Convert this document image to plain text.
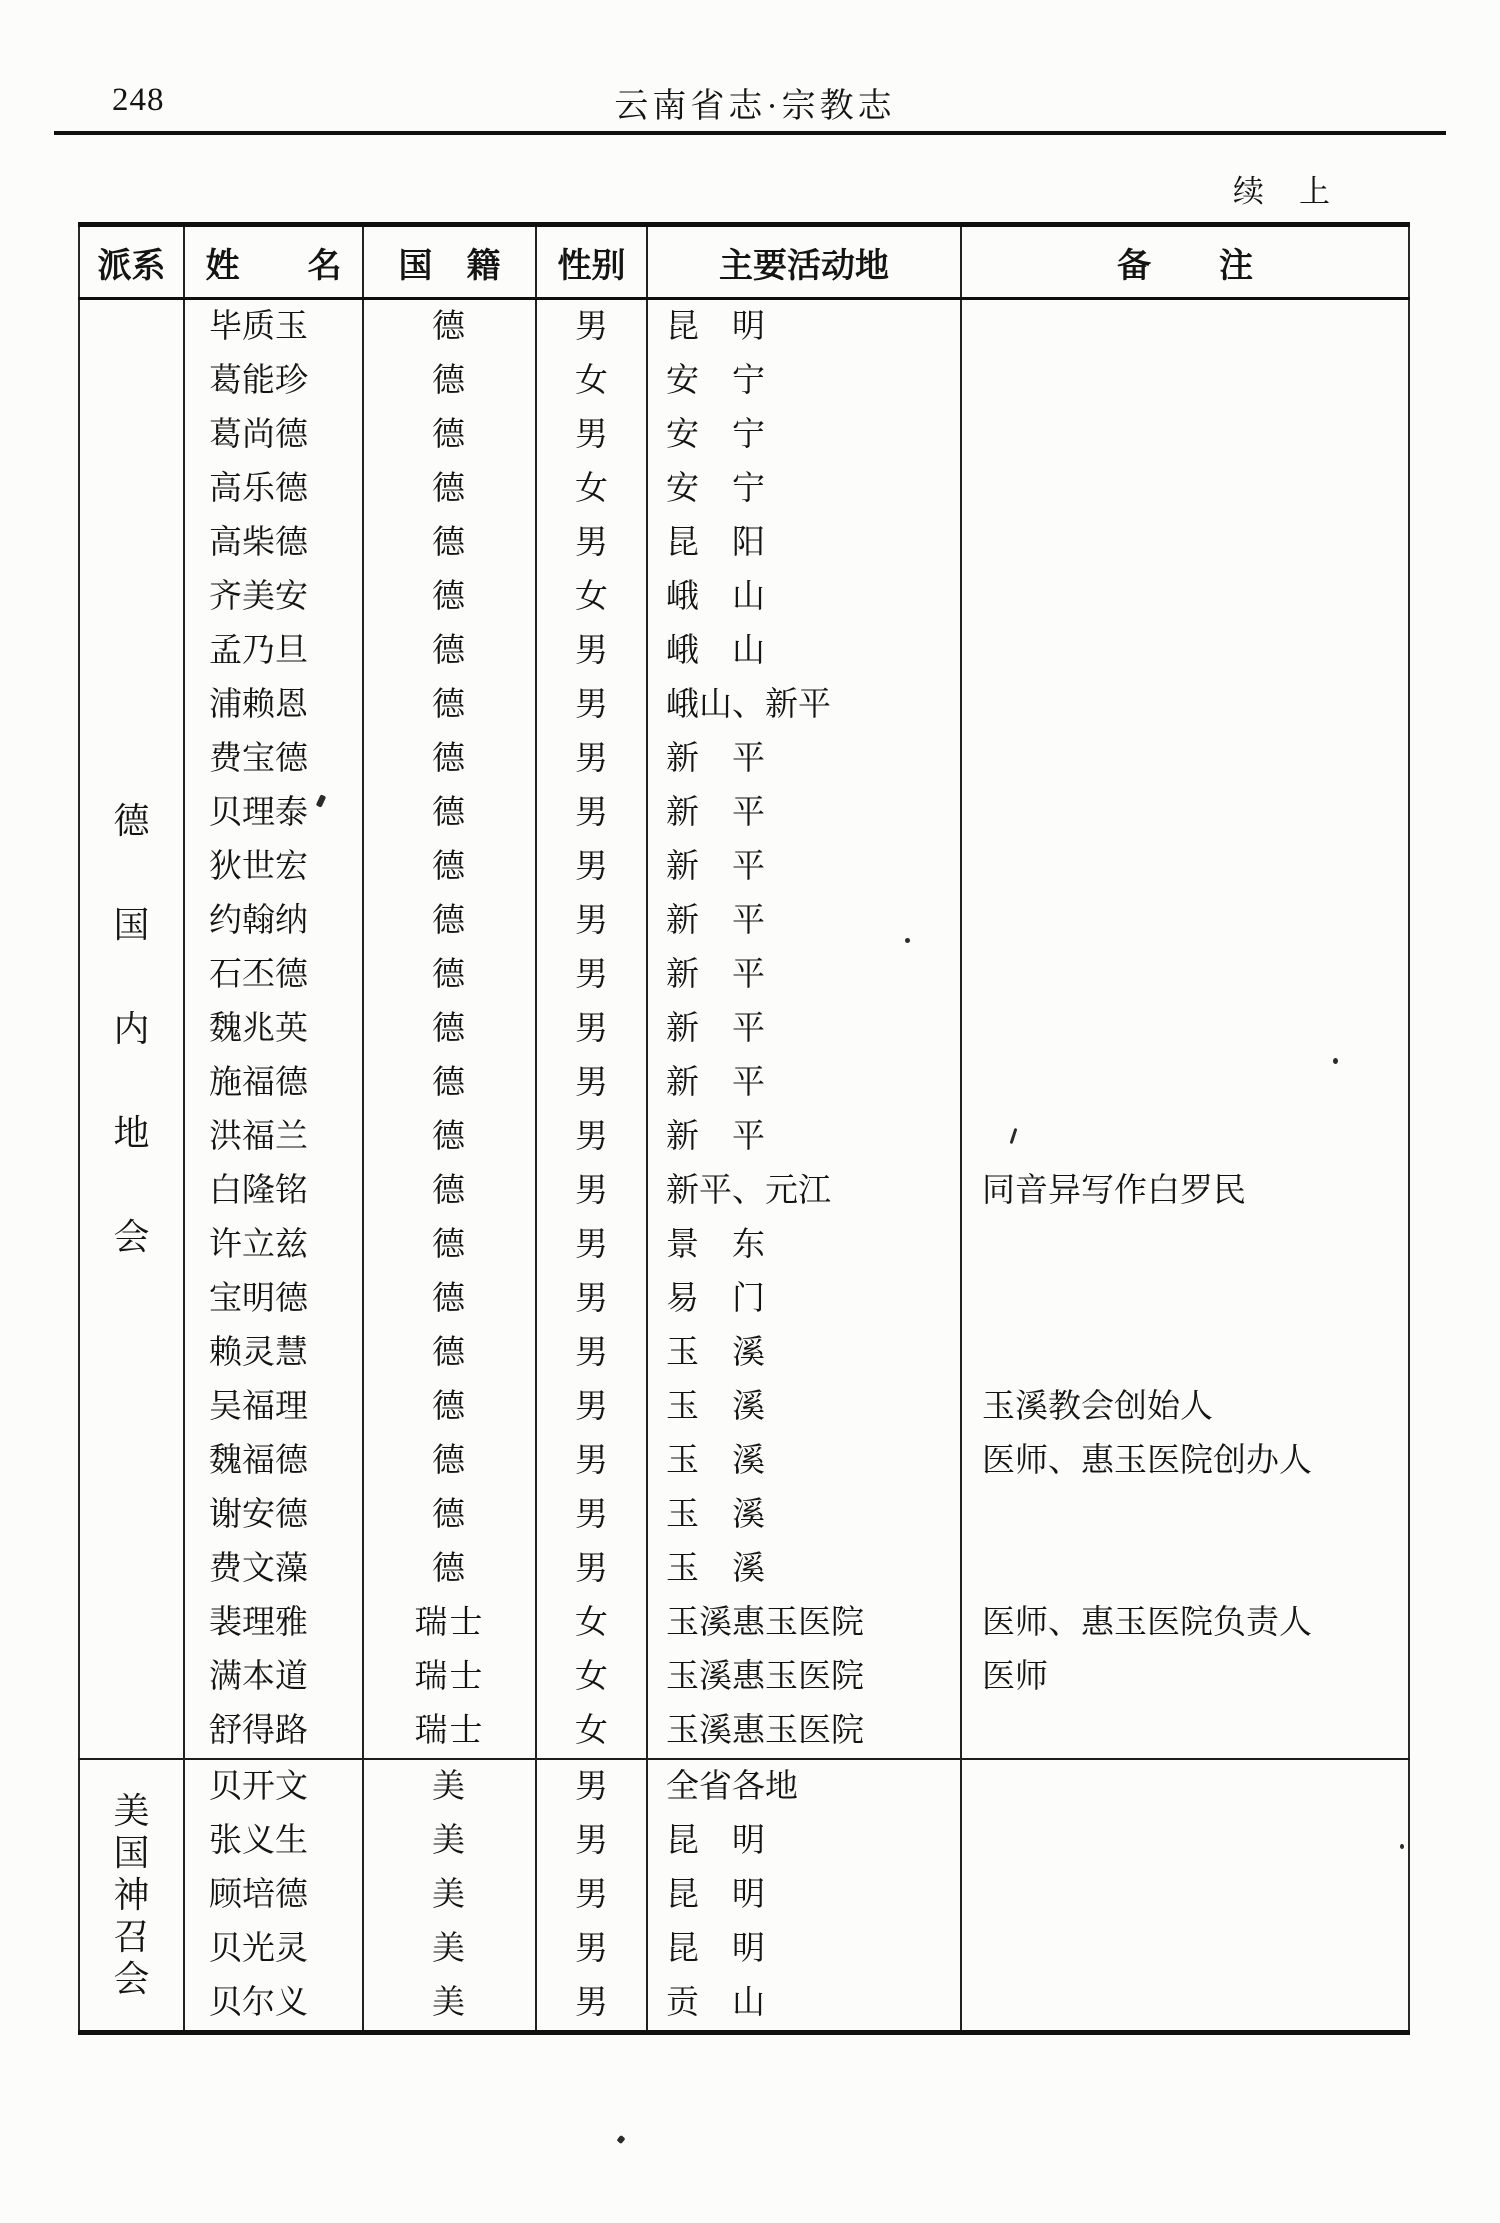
248	云南省志·宗教志
续　上
派系	姓　　名	国　籍	性别	主要活动地	备　　注

德
国
内
地
会	毕质玉	德	男	昆　明	
	葛能珍	德	女	安　宁	
	葛尚德	德	男	安　宁	
	高乐德	德	女	安　宁	
	高柴德	德	男	昆　阳	
	齐美安	德	女	峨　山	
	孟乃旦	德	男	峨　山	
	浦赖恩	德	男	峨山、新平	
	费宝德	德	男	新　平	
	贝理泰	德	男	新　平	
	狄世宏	德	男	新　平	
	约翰纳	德	男	新　平	
	石丕德	德	男	新　平	
	魏兆英	德	男	新　平	
	施福德	德	男	新　平	
	洪福兰	德	男	新　平	
	白隆铭	德	男	新平、元江	同音异写作白罗民
	许立兹	德	男	景　东	
	宝明德	德	男	易　门	
	赖灵慧	德	男	玉　溪	
	吴福理	德	男	玉　溪	玉溪教会创始人
	魏福德	德	男	玉　溪	医师、惠玉医院创办人
	谢安德	德	男	玉　溪	
	费文藻	德	男	玉　溪	
	裴理雅	瑞士	女	玉溪惠玉医院	医师、惠玉医院负责人
	满本道	瑞士	女	玉溪惠玉医院	医师
	舒得路	瑞士	女	玉溪惠玉医院	

美
国
神
召
会	贝开文	美	男	全省各地	
	张义生	美	男	昆　明	
	顾培德	美	男	昆　明	
	贝光灵	美	男	昆　明	
	贝尔义	美	男	贡　山	
